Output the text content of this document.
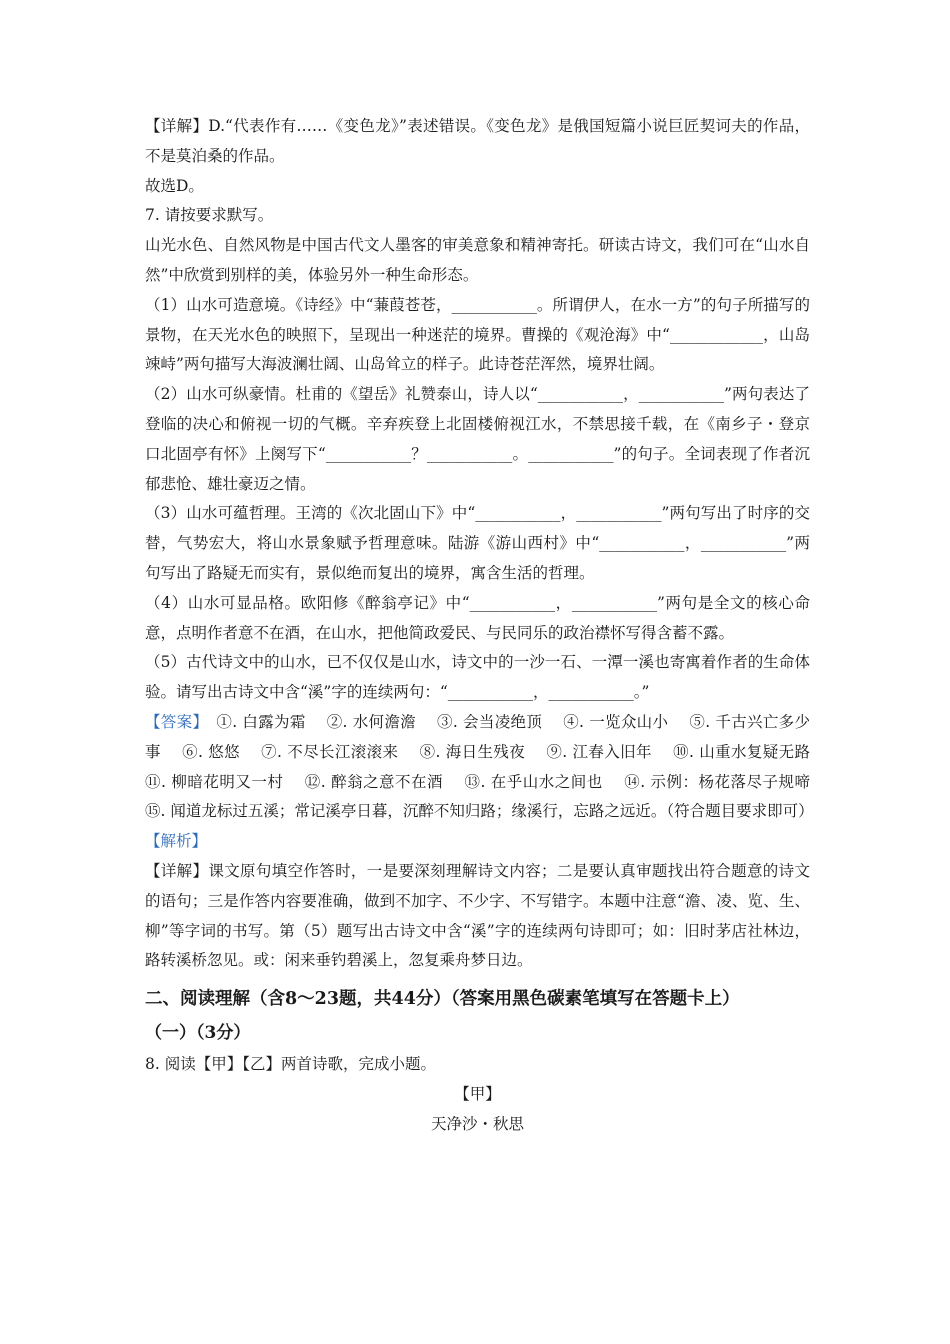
【详解】D.“代表作有……《变色龙》”表述错误。《变色龙》是俄国短篇小说巨匠契诃夫的作品，不是莫泊桑的作品。

故选D。

7. 请按要求默写。

山光水色、自然风物是中国古代文人墨客的审美意象和精神寄托。研读古诗文，我们可在“山水自然”中欣赏到别样的美，体验另外一种生命形态。

（1）山水可造意境。《诗经》中“蒹葭苍苍，___________。所谓伊人，在水一方”的句子所描写的景物，在天光水色的映照下，呈现出一种迷茫的境界。曹操的《观沧海》中“____________，山岛竦峙”两句描写大海波澜壮阔、山岛耸立的样子。此诗苍茫浑然，境界壮阔。

（2）山水可纵豪情。杜甫的《望岳》礼赞泰山，诗人以“___________，___________”两句表达了登临的决心和俯视一切的气概。辛弃疾登上北固楼俯视江水，不禁思接千载，在《南乡子・登京口北固亭有怀》上阕写下“___________？___________。___________”的句子。全词表现了作者沉郁悲怆、雄壮豪迈之情。

（3）山水可蕴哲理。王湾的《次北固山下》中“___________，___________”两句写出了时序的交替，气势宏大，将山水景象赋予哲理意味。陆游《游山西村》中“___________，___________”两句写出了路疑无而实有，景似绝而复出的境界，寓含生活的哲理。

（4）山水可显品格。欧阳修《醉翁亭记》中“___________，___________”两句是全文的核心命意，点明作者意不在酒，在山水，把他简政爱民、与民同乐的政治襟怀写得含蓄不露。

（5）古代诗文中的山水，已不仅仅是山水，诗文中的一沙一石、一潭一溪也寄寓着作者的生命体验。请写出古诗文中含“溪”字的连续两句：“___________，___________。”

【答案】　①. 白露为霜　 ②. 水何澹澹　 ③. 会当凌绝顶　 ④. 一览众山小　 ⑤. 千古兴亡多少事　 ⑥. 悠悠　 ⑦. 不尽长江滚滚来　 ⑧. 海日生残夜　 ⑨. 江春入旧年　 ⑩. 山重水复疑无路　 ⑪. 柳暗花明又一村　 ⑫. 醉翁之意不在酒　 ⑬. 在乎山水之间也　 ⑭. 示例：杨花落尽子规啼　 ⑮. 闻道龙标过五溪；常记溪亭日暮，沉醉不知归路；缘溪行，忘路之远近。（符合题目要求即可）

【解析】

【详解】课文原句填空作答时，一是要深刻理解诗文内容；二是要认真审题找出符合题意的诗文的语句；三是作答内容要准确，做到不加字、不少字、不写错字。本题中注意“澹、凌、览、生、柳”等字词的书写。第（5）题写出古诗文中含“溪”字的连续两句诗即可；如：旧时茅店社林边，路转溪桥忽见。或：闲来垂钓碧溪上，忽复乘舟梦日边。

二、阅读理解（含8～23题，共44分）（答案用黑色碳素笔填写在答题卡上）
（一）（3分）

8. 阅读【甲】【乙】两首诗歌，完成小题。

【甲】

天净沙・秋思
